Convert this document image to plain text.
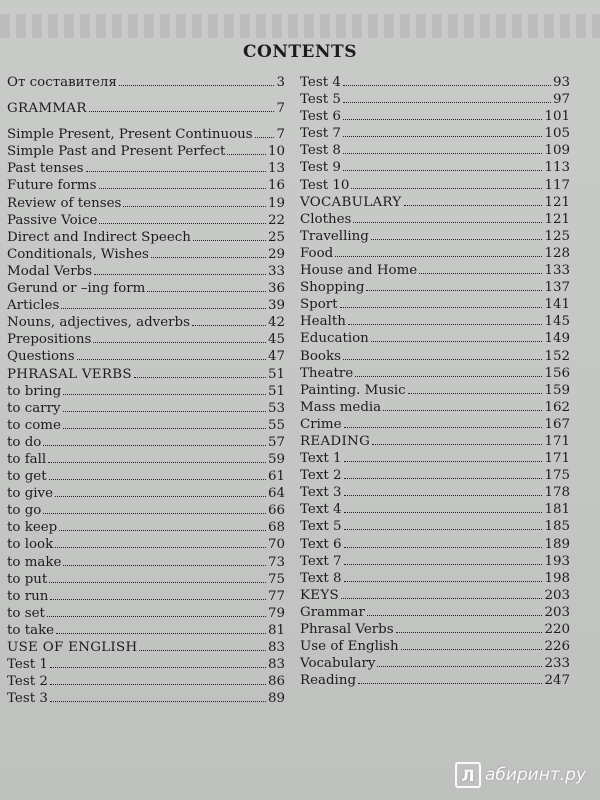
CONTENTS
От составителя	3
GRAMMAR	7
Simple Present, Present Continuous 7
Simple Past and Present Perfect	10
Past tenses	13
Future forms	16
Review of tenses	19
Passive Voice	22
Direct and Indirect Speech	25
Conditionals, Wishes	29
Modal Verbs	33
Gerund or –ing form	36
Articles	39
Nouns, adjectives, adverbs	42
Prepositions	45
Questions	47
PHRASAL VERBS	51
to bring	51
to carry	53
to come	55
to do	57
to fall	59
to get	61
to give	64
to go	66
to keep	68
to look	70
to make	73
to put	75
to run	77
to set	79
to take	81
USE OF ENGLISH	83
Test 1	83
Test 2	86
Test 3	89
Test 4	93
Test 5	97
Test 6	101
Test 7	105
Test 8	109
Test 9	113
Test 10	117
VOCABULARY	121
Clothes	121
Travelling	125
Food	128
House and Home	133
Shopping	137
Sport	141
Health	145
Education	149
Books	152
Theatre	156
Painting. Music	159
Mass media	162
Crime	167
READING	171
Text 1	171
Text 2	175
Text 3	178
Text 4	181
Text 5	185
Text 6	189
Text 7	193
Text 8	198
KEYS	203
Grammar	203
Phrasal Verbs	220
Use of English	226
Vocabulary	233
Reading	247
Л абиринт.ру
